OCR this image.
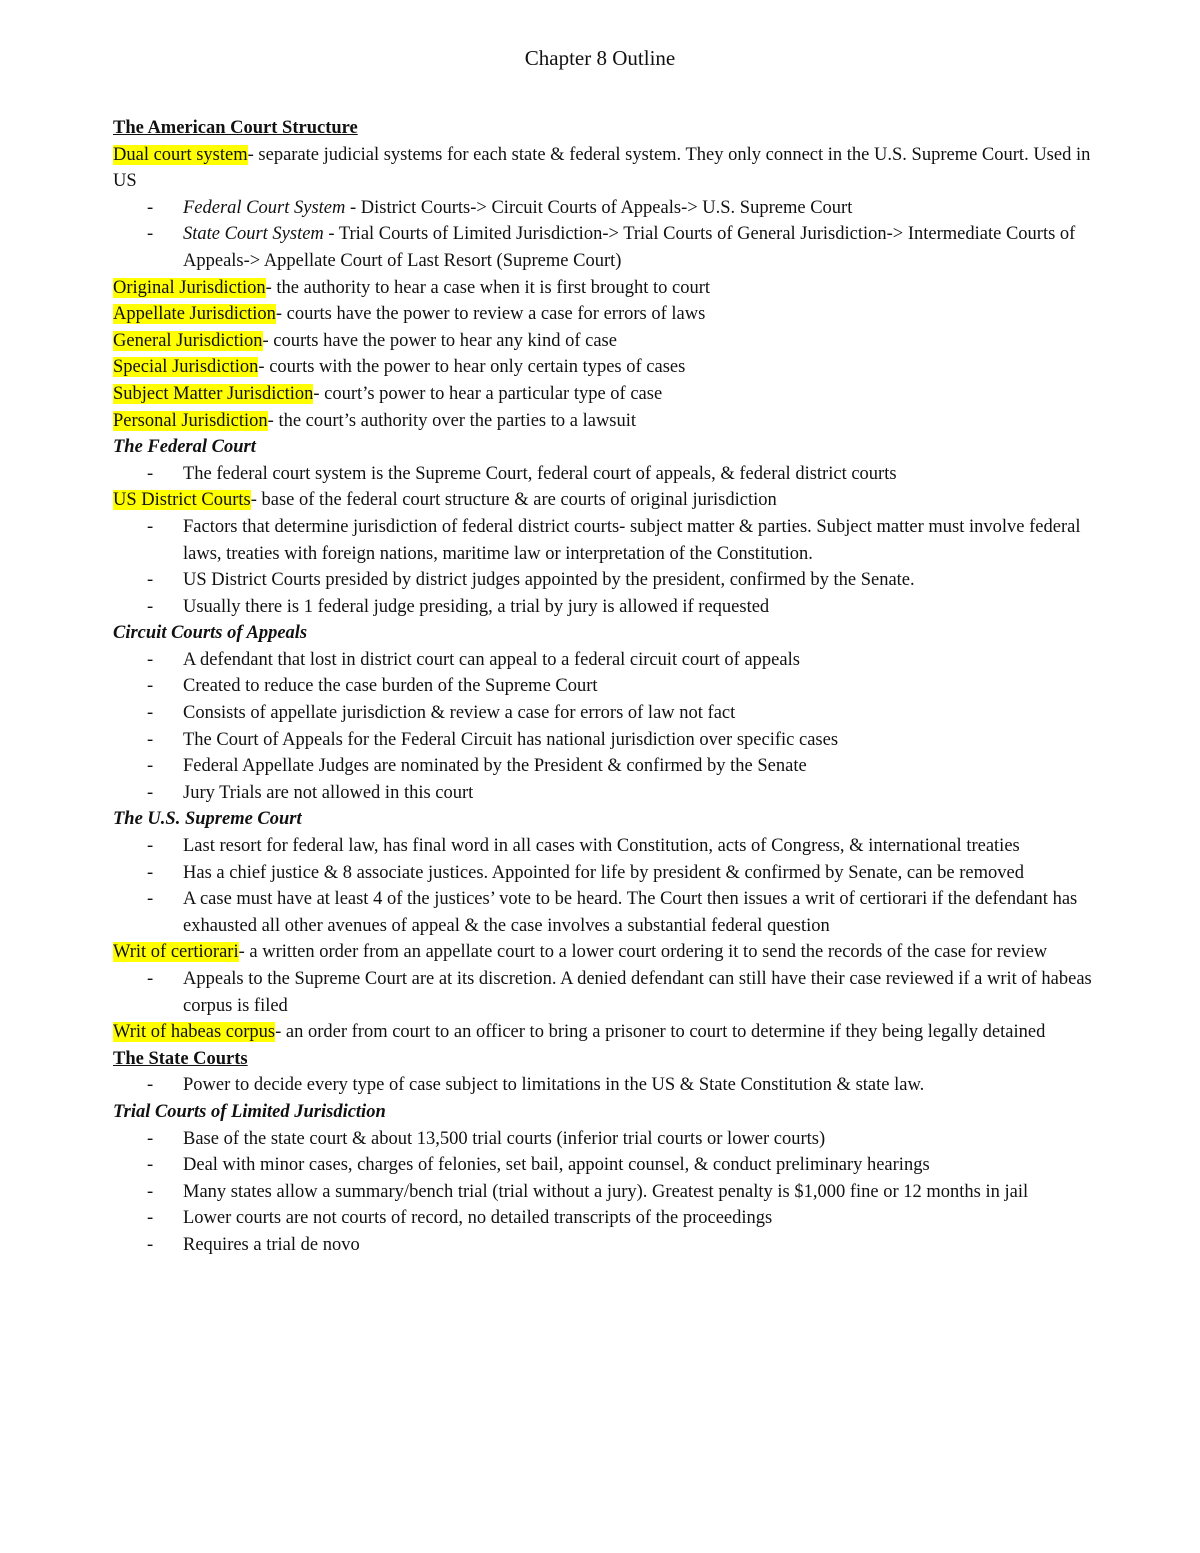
Chapter 8 Outline
The American Court Structure
Dual court system- separate judicial systems for each state & federal system. They only connect in the U.S. Supreme Court. Used in US
- Federal Court System - District Courts-> Circuit Courts of Appeals-> U.S. Supreme Court
- State Court System - Trial Courts of Limited Jurisdiction-> Trial Courts of General Jurisdiction-> Intermediate Courts of Appeals-> Appellate Court of Last Resort (Supreme Court)
Original Jurisdiction- the authority to hear a case when it is first brought to court
Appellate Jurisdiction- courts have the power to review a case for errors of laws
General Jurisdiction- courts have the power to hear any kind of case
Special Jurisdiction- courts with the power to hear only certain types of cases
Subject Matter Jurisdiction- court’s power to hear a particular type of case
Personal Jurisdiction- the court’s authority over the parties to a lawsuit
The Federal Court
- The federal court system is the Supreme Court, federal court of appeals, & federal district courts
US District Courts- base of the federal court structure & are courts of original jurisdiction
- Factors that determine jurisdiction of federal district courts- subject matter & parties. Subject matter must involve federal laws, treaties with foreign nations, maritime law or interpretation of the Constitution.
- US District Courts presided by district judges appointed by the president, confirmed by the Senate.
- Usually there is 1 federal judge presiding, a trial by jury is allowed if requested
Circuit Courts of Appeals
- A defendant that lost in district court can appeal to a federal circuit court of appeals
- Created to reduce the case burden of the Supreme Court
- Consists of appellate jurisdiction & review a case for errors of law not fact
- The Court of Appeals for the Federal Circuit has national jurisdiction over specific cases
- Federal Appellate Judges are nominated by the President & confirmed by the Senate
- Jury Trials are not allowed in this court
The U.S. Supreme Court
- Last resort for federal law, has final word in all cases with Constitution, acts of Congress, & international treaties
- Has a chief justice & 8 associate justices. Appointed for life by president & confirmed by Senate, can be removed
- A case must have at least 4 of the justices’ vote to be heard. The Court then issues a writ of certiorari if the defendant has exhausted all other avenues of appeal & the case involves a substantial federal question
Writ of certiorari- a written order from an appellate court to a lower court ordering it to send the records of the case for review
- Appeals to the Supreme Court are at its discretion. A denied defendant can still have their case reviewed if a writ of habeas corpus is filed
Writ of habeas corpus- an order from court to an officer to bring a prisoner to court to determine if they being legally detained
The State Courts
- Power to decide every type of case subject to limitations in the US & State Constitution & state law.
Trial Courts of Limited Jurisdiction
- Base of the state court & about 13,500 trial courts (inferior trial courts or lower courts)
- Deal with minor cases, charges of felonies, set bail, appoint counsel, & conduct preliminary hearings
- Many states allow a summary/bench trial (trial without a jury). Greatest penalty is $1,000 fine or 12 months in jail
- Lower courts are not courts of record, no detailed transcripts of the proceedings
- Requires a trial de novo
